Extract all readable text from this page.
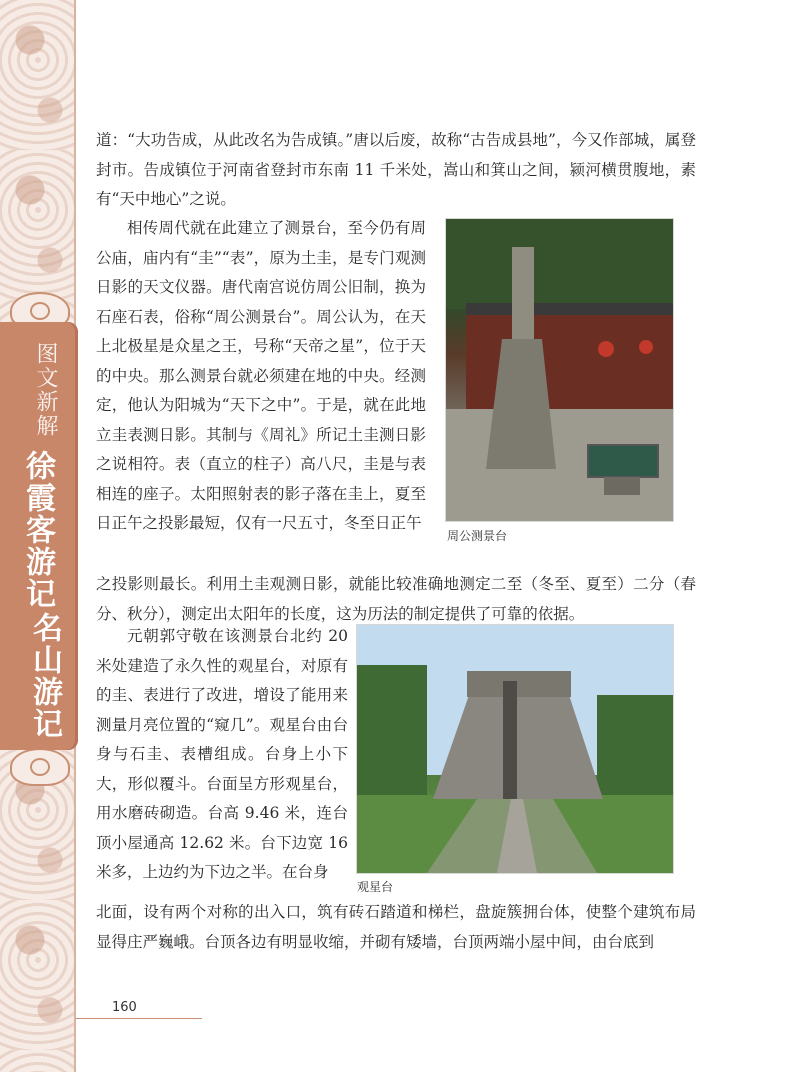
图文新解
徐霞客游记
名山游记

道：“大功告成，从此改名为告成镇。”唐以后废，故称“古告成县地”，今又作部城，属登封市。告成镇位于河南省登封市东南 11 千米处，嵩山和箕山之间，颍河横贯腹地，素有“天中地心”之说。

相传周代就在此建立了测景台，至今仍有周公庙，庙内有“圭”“表”，原为土圭，是专门观测日影的天文仪器。唐代南宫说仿周公旧制，换为石座石表，俗称“周公测景台”。周公认为，在天上北极星是众星之王，号称“天帝之星”，位于天的中央。那么测景台就必须建在地的中央。经测定，他认为阳城为“天下之中”。于是，就在此地立圭表测日影。其制与《周礼》所记土圭测日影之说相符。表（直立的柱子）高八尺，圭是与表相连的座子。太阳照射表的影子落在圭上，夏至日正午之投影最短，仅有一尺五寸，冬至日正午

之投影则最长。利用土圭观测日影，就能比较准确地测定二至（冬至、夏至）二分（春分、秋分），测定出太阳年的长度，这为历法的制定提供了可靠的依据。

元朝郭守敬在该测景台北约 20 米处建造了永久性的观星台，对原有的圭、表进行了改进，增设了能用来测量月亮位置的“窥几”。观星台由台身与石圭、表槽组成。台身上小下大，形似覆斗。台面呈方形观星台，用水磨砖砌造。台高 9.46 米，连台顶小屋通高 12.62 米。台下边宽 16 米多，上边约为下边之半。在台身

北面，设有两个对称的出入口，筑有砖石踏道和梯栏，盘旋簇拥台体，使整个建筑布局显得庄严巍峨。台顶各边有明显收缩，并砌有矮墙，台顶两端小屋中间，由台底到

周公测景台
观星台
160
